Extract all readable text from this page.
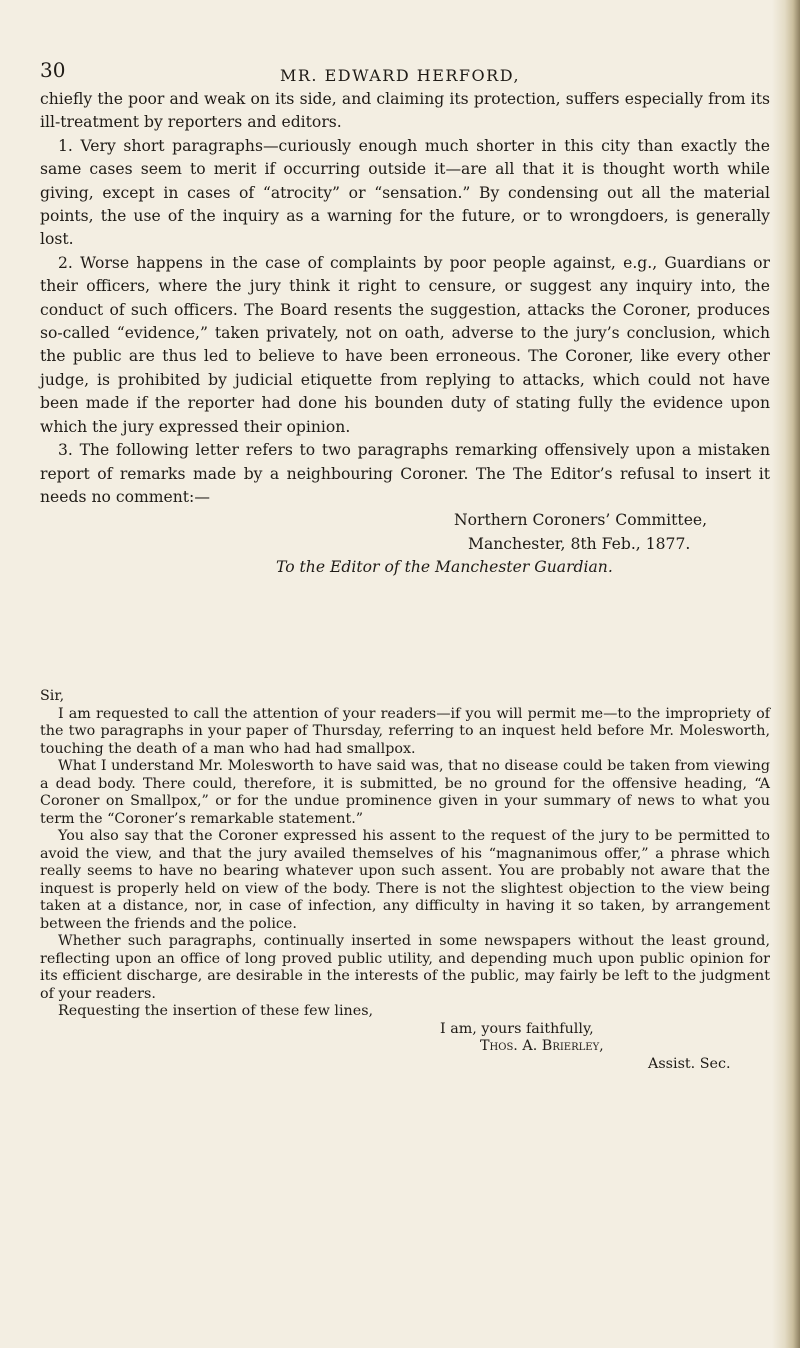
30	MR. EDWARD HERFORD,

chiefly the poor and weak on its side, and claiming its protection, suffers especially from its ill-treatment by reporters and editors.

1. Very short paragraphs—curiously enough much shorter in this city than exactly the same cases seem to merit if occurring outside it—are all that it is thought worth while giving, except in cases of “atrocity” or “sensation.” By condensing out all the material points, the use of the inquiry as a warning for the future, or to wrongdoers, is generally lost.

2. Worse happens in the case of complaints by poor people against, e.g., Guardians or their officers, where the jury think it right to censure, or suggest any inquiry into, the conduct of such officers. The Board resents the suggestion, attacks the Coroner, produces so-called “evidence,” taken privately, not on oath, adverse to the jury’s conclusion, which the public are thus led to believe to have been erroneous. The Coroner, like every other judge, is prohibited by judicial etiquette from replying to attacks, which could not have been made if the reporter had done his bounden duty of stating fully the evidence upon which the jury expressed their opinion.

3. The following letter refers to two paragraphs remarking offensively upon a mistaken report of remarks made by a neighbouring Coroner. The The Editor’s refusal to insert it needs no comment:—

Northern Coroners’ Committee,

Manchester, 8th Feb., 1877.

To the Editor of the Manchester Guardian.

Sir,

I am requested to call the attention of your readers—if you will permit me—to the impropriety of the two paragraphs in your paper of Thursday, referring to an inquest held before Mr. Molesworth, touching the death of a man who had had smallpox.

What I understand Mr. Molesworth to have said was, that no disease could be taken from viewing a dead body. There could, therefore, it is submitted, be no ground for the offensive heading, “A Coroner on Smallpox,” or for the undue prominence given in your summary of news to what you term the “Coroner’s remarkable statement.”

You also say that the Coroner expressed his assent to the request of the jury to be permitted to avoid the view, and that the jury availed themselves of his “magnanimous offer,” a phrase which really seems to have no bearing whatever upon such assent. You are probably not aware that the inquest is properly held on view of the body. There is not the slightest objection to the view being taken at a distance, nor, in case of infection, any difficulty in having it so taken, by arrangement between the friends and the police.

Whether such paragraphs, continually inserted in some newspapers without the least ground, reflecting upon an office of long proved public utility, and depending much upon public opinion for its efficient discharge, are desirable in the interests of the public, may fairly be left to the judgment of your readers.

Requesting the insertion of these few lines,

I am, yours faithfully,

Thos. A. Brierley,

Assist. Sec.
